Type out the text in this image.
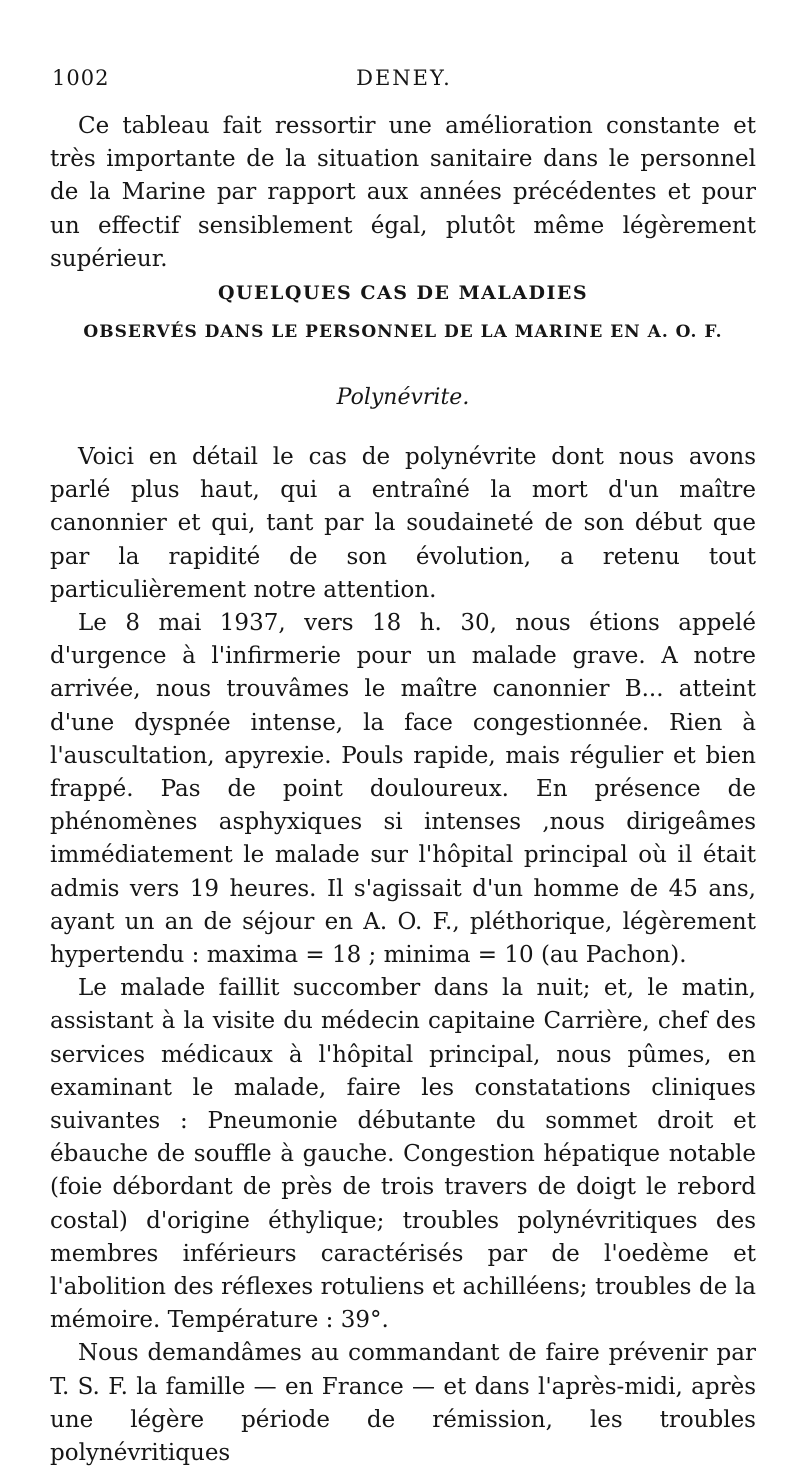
1002	DENEY.

Ce tableau fait ressortir une amélioration constante et très importante de la situation sanitaire dans le personnel de la Marine par rapport aux années précédentes et pour un effectif sensiblement égal, plutôt même légèrement supérieur.

QUELQUES CAS DE MALADIES
OBSERVÉS DANS LE PERSONNEL DE LA MARINE EN A. O. F.
Polynévrite.

Voici en détail le cas de polynévrite dont nous avons parlé plus haut, qui a entraîné la mort d'un maître canonnier et qui, tant par la soudaineté de son début que par la rapidité de son évolution, a retenu tout particulièrement notre attention.

Le 8 mai 1937, vers 18 h. 30, nous étions appelé d'urgence à l'infirmerie pour un malade grave. A notre arrivée, nous trouvâmes le maître canonnier B... atteint d'une dyspnée intense, la face congestionnée. Rien à l'auscultation, apyrexie. Pouls rapide, mais régulier et bien frappé. Pas de point douloureux. En présence de phénomènes asphyxiques si intenses ,nous dirigeâmes immédiatement le malade sur l'hôpital principal où il était admis vers 19 heures. Il s'agissait d'un homme de 45 ans, ayant un an de séjour en A. O. F., pléthorique, légèrement hypertendu : maxima = 18 ; minima = 10 (au Pachon).

Le malade faillit succomber dans la nuit; et, le matin, assistant à la visite du médecin capitaine Carrière, chef des services médicaux à l'hôpital principal, nous pûmes, en examinant le malade, faire les constatations cliniques suivantes : Pneumonie débutante du sommet droit et ébauche de souffle à gauche. Congestion hépatique notable (foie débordant de près de trois travers de doigt le rebord costal) d'origine éthylique; troubles polynévritiques des membres inférieurs caractérisés par de l'oedème et l'abolition des réflexes rotuliens et achilléens; troubles de la mémoire. Température : 39°.

Nous demandâmes au commandant de faire prévenir par T. S. F. la famille — en France — et dans l'après-midi, après une légère période de rémission, les troubles polynévritiques
